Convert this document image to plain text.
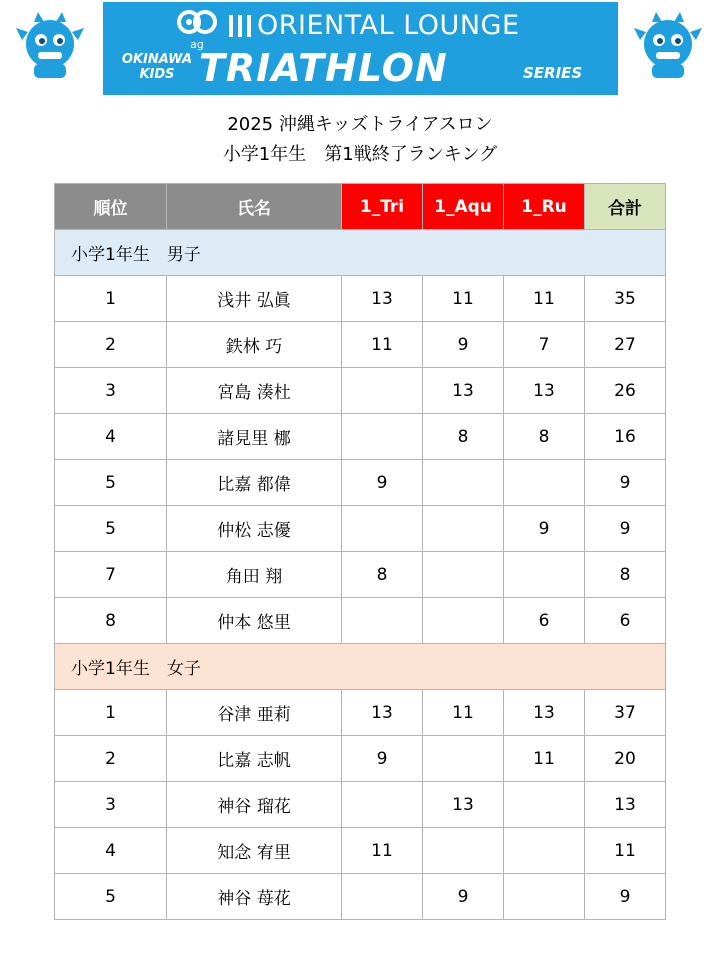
ag
ORIENTAL LOUNGE
OKINAWA
KIDS TRIATHLON	SERIES
2025 沖縄キッズトライアスロン
小学1年生　第1戦終了ランキング
順位	氏名	1_Tri	1_Aqu	1_Ru	合計
小学1年生　男子					
1	浅井 弘眞	13	11	11	35
2	鉄林 巧	11	9	7	27
3	宮島 湊杜		13	13	26
4	諸見里 梛		8	8	16
5	比嘉 都偉	9			9
5	仲松 志優			9	9
7	角田 翔	8			8
8	仲本 悠里			6	6
小学1年生　女子					
1	谷津 亜莉	13	11	13	37
2	比嘉 志帆	9		11	20
3	神谷 瑠花		13		13
4	知念 宥里	11			11
5	神谷 苺花		9		9
